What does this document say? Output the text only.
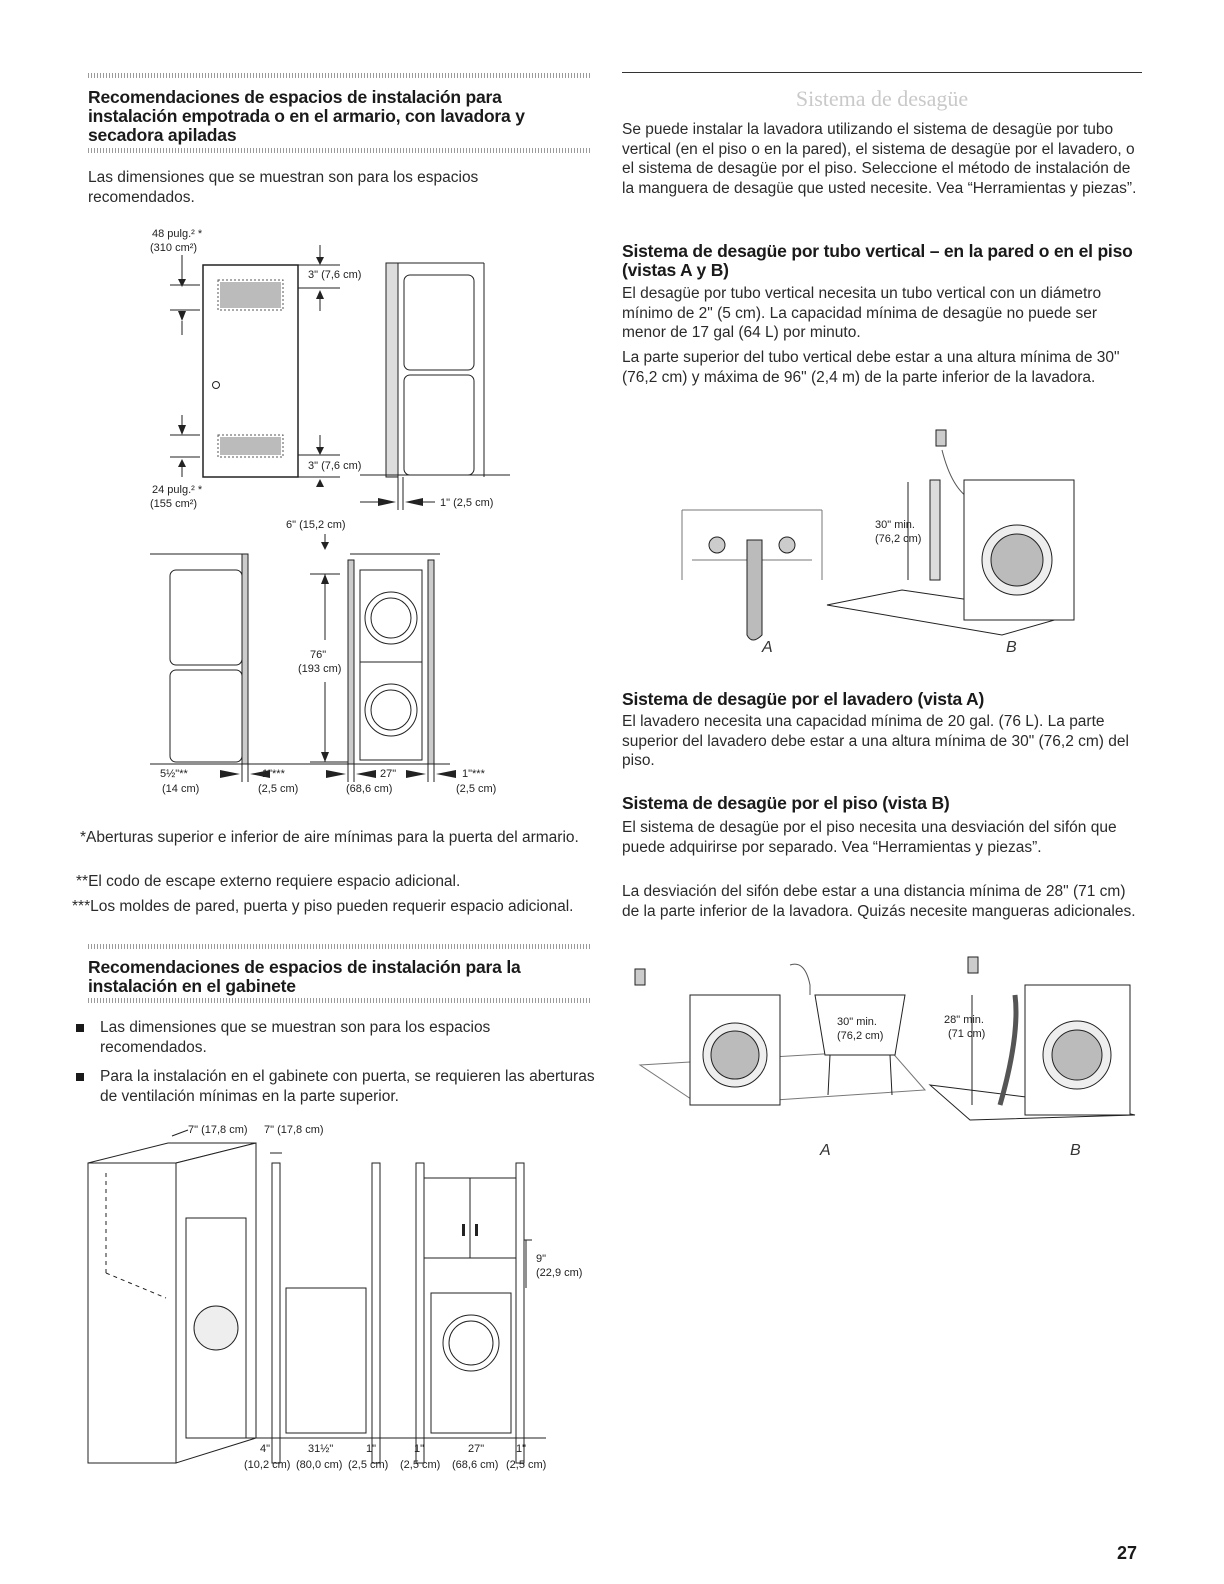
Recomendaciones de espacios de instalación para instalación empotrada o en el armario, con lavadora y secadora apiladas

Las dimensiones que se muestran son para los espacios recomendados.

48 pulg.² *
(310 cm²)
3" (7,6 cm)
3" (7,6 cm)
24 pulg.² *
(155 cm²)	1" (2,5 cm)
6" (15,2 cm)
76"
(193 cm)
5½"**
(14 cm)
1"***
(2,5 cm)
27"
(68,6 cm)
1"***
(2,5 cm)

*Aberturas superior e inferior de aire mínimas para la puerta del armario.

**El codo de escape externo requiere espacio adicional.

***Los moldes de pared, puerta y piso pueden requerir espacio adicional.

Recomendaciones de espacios de instalación para la instalación en el gabinete

Las dimensiones que se muestran son para los espacios recomendados.

Para la instalación en el gabinete con puerta, se requieren las aberturas de ventilación mínimas en la parte superior.

7" (17,8 cm) 7" (17,8 cm)
9"
(22,9 cm)
4"	31½"	1"	1"	27"	1"
(10,2 cm) (80,0 cm) (2,5 cm) (2,5 cm) (68,6 cm) (2,5 cm)
Sistema de desagüe

Se puede instalar la lavadora utilizando el sistema de desagüe por tubo vertical (en el piso o en la pared), el sistema de desagüe por el lavadero, o el sistema de desagüe por el piso. Seleccione el método de instalación de la manguera de desagüe que usted necesite. Vea “Herramientas y piezas”.

Sistema de desagüe por tubo vertical – en la pared o en el piso (vistas A y B)

El desagüe por tubo vertical necesita un tubo vertical con un diámetro mínimo de 2" (5 cm). La capacidad mínima de desagüe no puede ser menor de 17 gal (64 L) por minuto.

La parte superior del tubo vertical debe estar a una altura mínima de 30" (76,2 cm) y máxima de 96" (2,4 m) de la parte inferior de la lavadora.

A
30" min.
(76,2 cm)
B
Sistema de desagüe por el lavadero (vista A)

El lavadero necesita una capacidad mínima de 20 gal. (76 L). La parte superior del lavadero debe estar a una altura mínima de 30" (76,2 cm) del piso.

Sistema de desagüe por el piso (vista B)

El sistema de desagüe por el piso necesita una desviación del sifón que puede adquirirse por separado. Vea “Herramientas y piezas”.

La desviación del sifón debe estar a una distancia mínima de 28" (71 cm) de la parte inferior de la lavadora. Quizás necesite mangueras adicionales.

30" min.
(76,2 cm)
A
28" min.
(71 cm)
B
27
